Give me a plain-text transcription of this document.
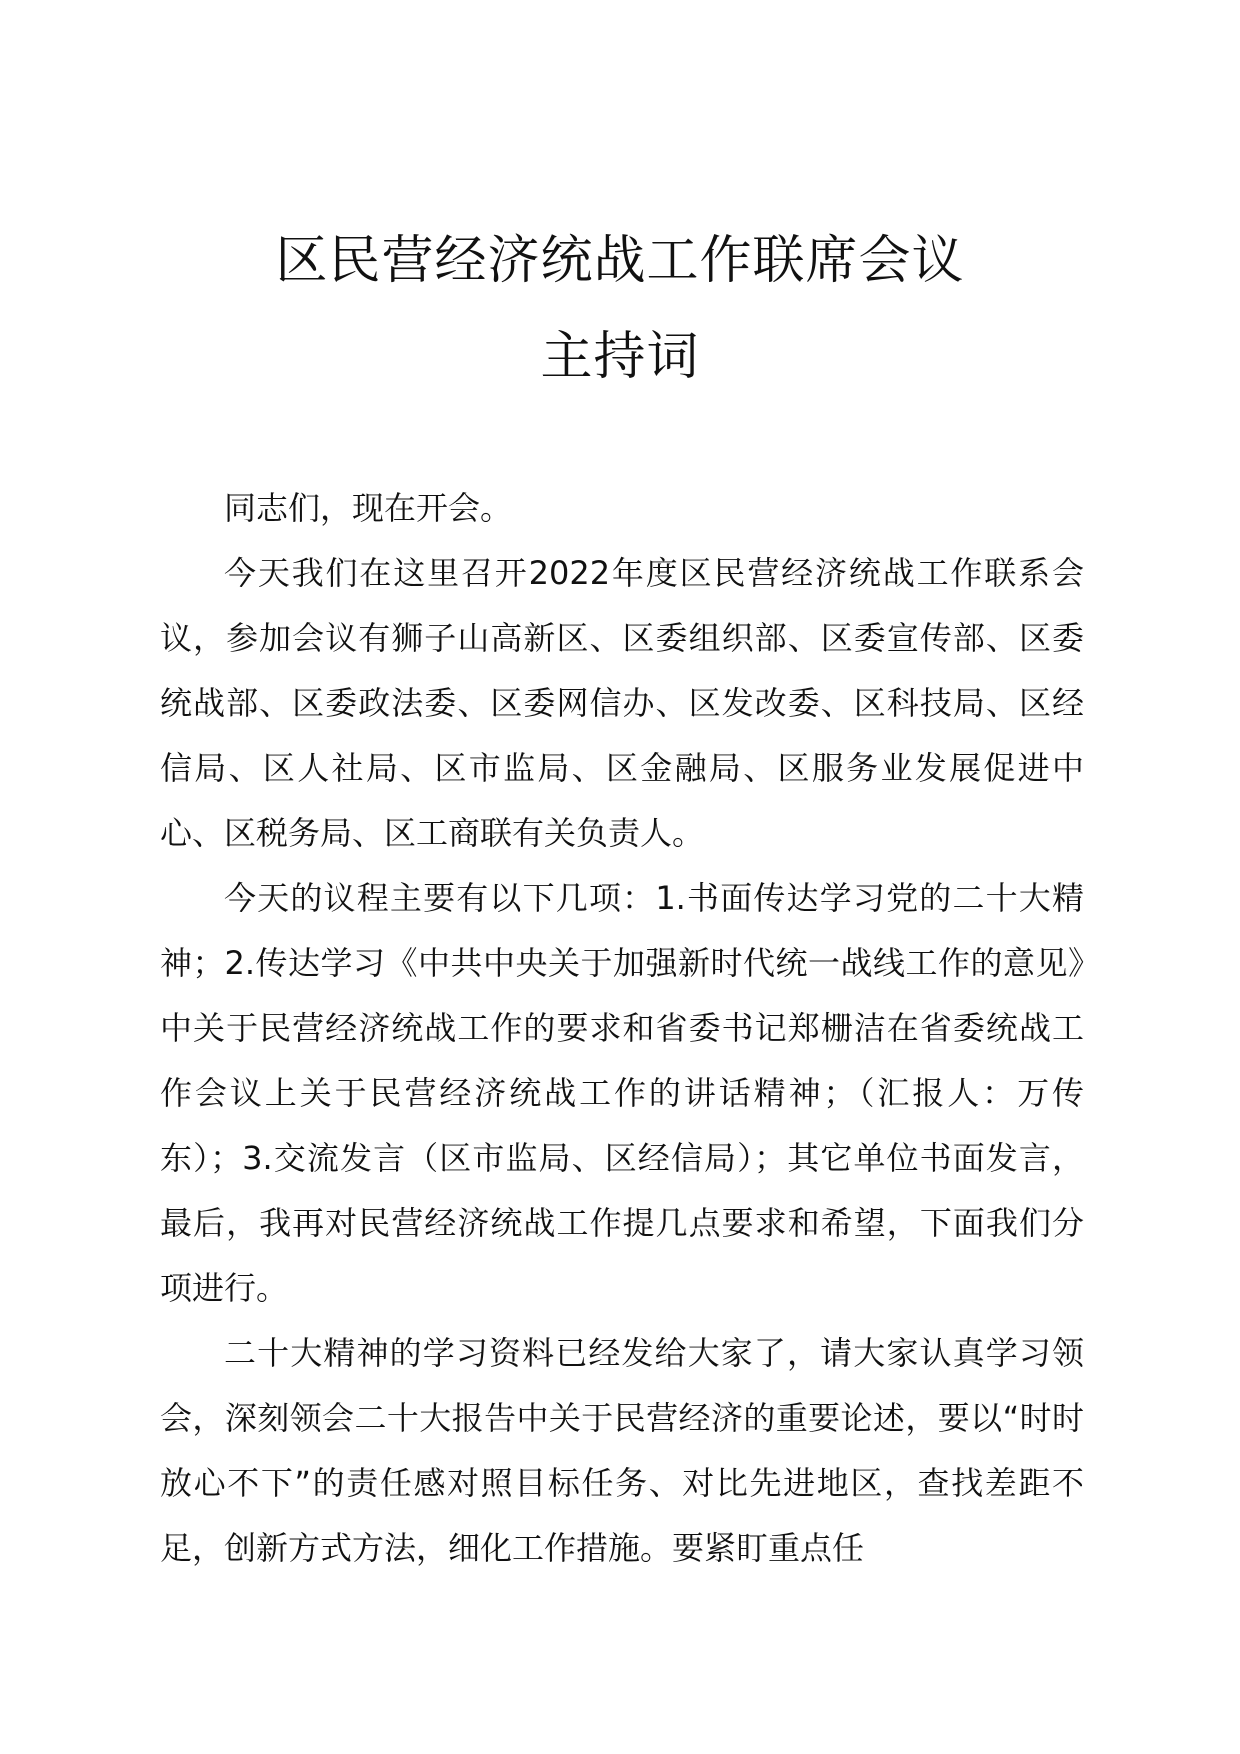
区民营经济统战工作联席会议
主持词

同志们，现在开会。

今天我们在这里召开2022年度区民营经济统战工作联系会议，参加会议有狮子山高新区、区委组织部、区委宣传部、区委统战部、区委政法委、区委网信办、区发改委、区科技局、区经信局、区人社局、区市监局、区金融局、区服务业发展促进中心、区税务局、区工商联有关负责人。

今天的议程主要有以下几项：1.书面传达学习党的二十大精神；2.传达学习《中共中央关于加强新时代统一战线工作的意见》中关于民营经济统战工作的要求和省委书记郑栅洁在省委统战工作会议上关于民营经济统战工作的讲话精神；（汇报人：万传东）；3.交流发言（区市监局、区经信局）；其它单位书面发言，最后，我再对民营经济统战工作提几点要求和希望，下面我们分项进行。

二十大精神的学习资料已经发给大家了，请大家认真学习领会，深刻领会二十大报告中关于民营经济的重要论述，要以“时时放心不下”的责任感对照目标任务、对比先进地区，查找差距不足，创新方式方法，细化工作措施。要紧盯重点任
